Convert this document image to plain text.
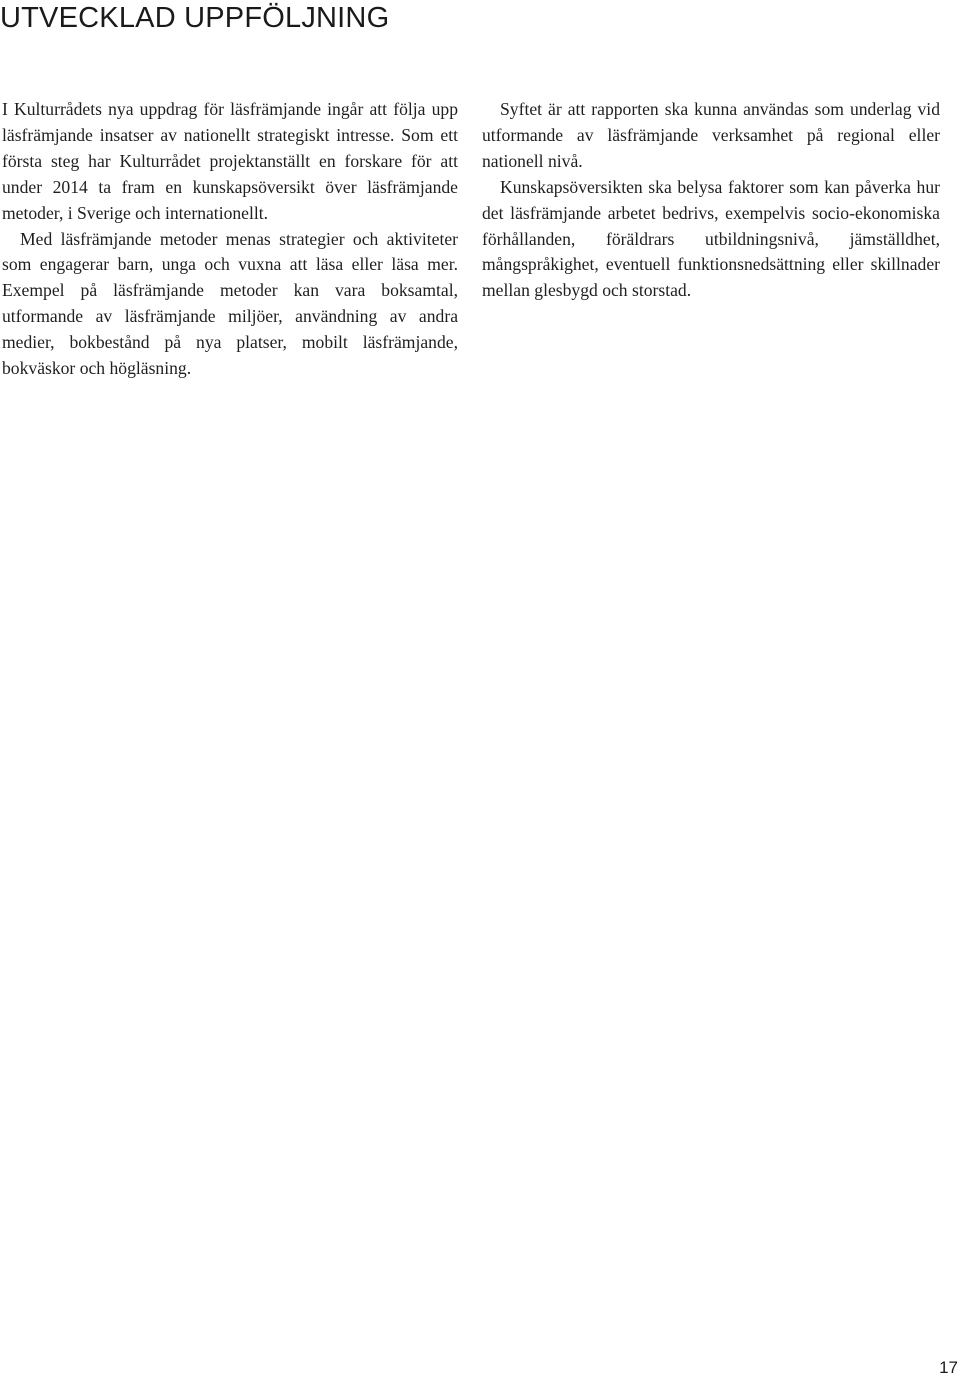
UTVECKLAD UPPFÖLJNING

I Kulturrådets nya uppdrag för läsfrämjande ingår att följa upp läsfrämjande insatser av nationellt strategiskt intresse. Som ett första steg har Kulturrådet projektanställt en forskare för att under 2014 ta fram en kunskapsöversikt över läsfrämjande metoder, i Sverige och internationellt.

Med läsfrämjande metoder menas strategier och aktiviteter som engagerar barn, unga och vuxna att läsa eller läsa mer. Exempel på läsfrämjande metoder kan vara boksamtal, utformande av läsfrämjande miljöer, användning av andra medier, bokbestånd på nya platser, mobilt läsfrämjande, bokväskor och högläsning.

Syftet är att rapporten ska kunna användas som underlag vid utformande av läsfrämjande verksamhet på regional eller nationell nivå.

Kunskapsöversikten ska belysa faktorer som kan påverka hur det läsfrämjande arbetet bedrivs, exempelvis socio-ekonomiska förhållanden, föräldrars utbildningsnivå, jämställdhet, mångspråkighet, eventuell funktionsnedsättning eller skillnader mellan glesbygd och storstad.

17
